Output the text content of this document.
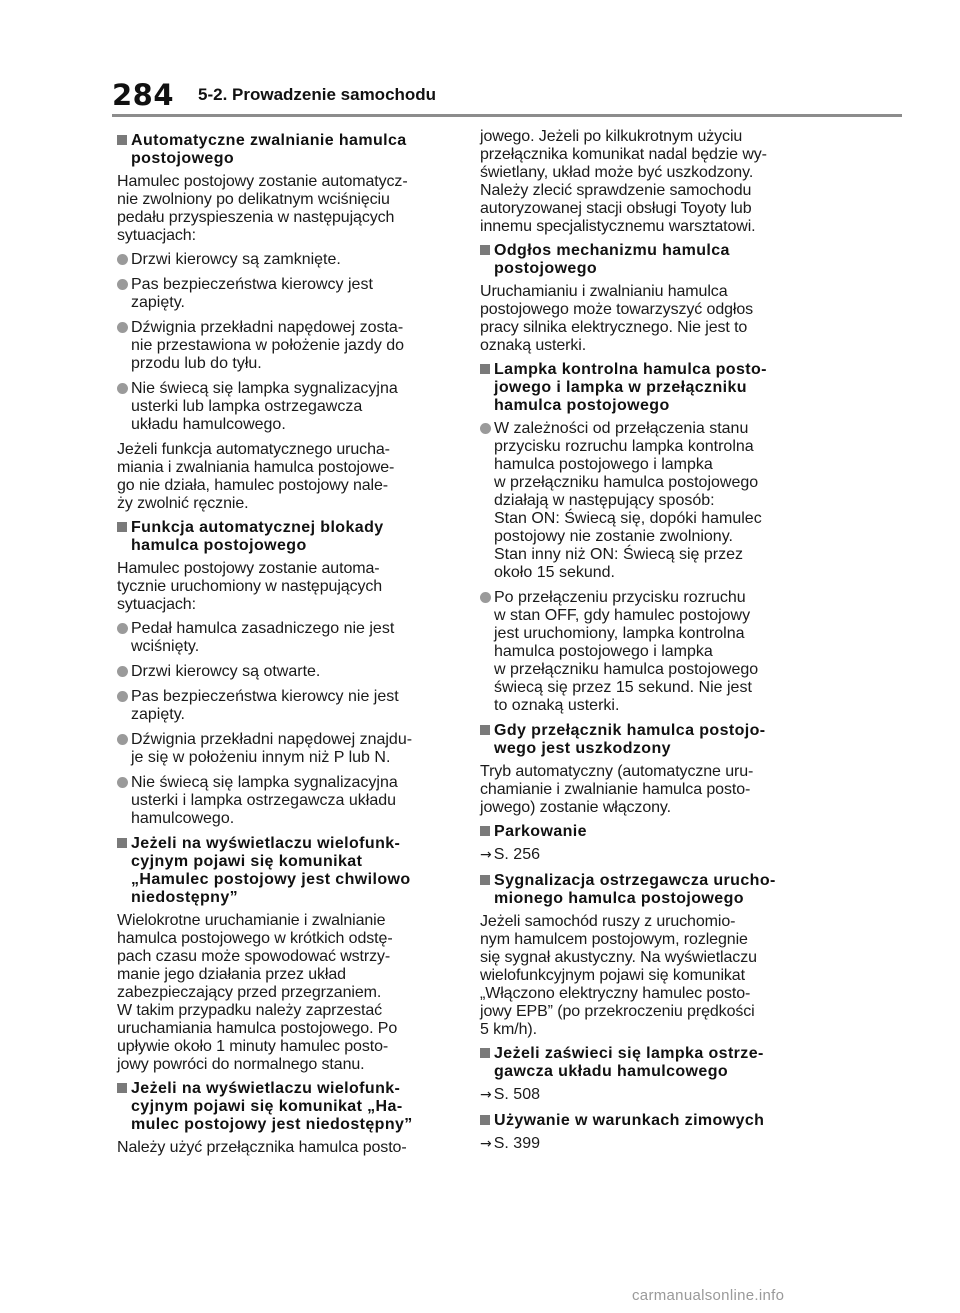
284 5-2. Prowadzenie samochodu
Automatyczne zwalnianie hamulca
postojowego
Hamulec postojowy zostanie automatycz-
nie zwolniony po delikatnym wciśnięciu
pedału przyspieszenia w następujących
sytuacjach:
Drzwi kierowcy są zamknięte.
Pas bezpieczeństwa kierowcy jest
zapięty.
Dźwignia przekładni napędowej zosta-
nie przestawiona w położenie jazdy do
przodu lub do tyłu.
Nie świecą się lampka sygnalizacyjna
usterki lub lampka ostrzegawcza
układu hamulcowego.
Jeżeli funkcja automatycznego urucha-
miania i zwalniania hamulca postojowe-
go nie działa, hamulec postojowy nale-
ży zwolnić ręcznie.
Funkcja automatycznej blokady
hamulca postojowego
Hamulec postojowy zostanie automa-
tycznie uruchomiony w następujących
sytuacjach:
Pedał hamulca zasadniczego nie jest
wciśnięty.
Drzwi kierowcy są otwarte.
Pas bezpieczeństwa kierowcy nie jest
zapięty.
Dźwignia przekładni napędowej znajdu-
je się w położeniu innym niż P lub N.
Nie świecą się lampka sygnalizacyjna
usterki i lampka ostrzegawcza układu
hamulcowego.
Jeżeli na wyświetlaczu wielofunk-
cyjnym pojawi się komunikat
„Hamulec postojowy jest chwilowo
niedostępny”
Wielokrotne uruchamianie i zwalnianie
hamulca postojowego w krótkich odstę-
pach czasu może spowodować wstrzy-
manie jego działania przez układ
zabezpieczający przed przegrzaniem.
W takim przypadku należy zaprzestać
uruchamiania hamulca postojowego. Po
upływie około 1 minuty hamulec posto-
jowy powróci do normalnego stanu.
Jeżeli na wyświetlaczu wielofunk-
cyjnym pojawi się komunikat „Ha-
mulec postojowy jest niedostępny”
Należy użyć przełącznika hamulca posto-
jowego. Jeżeli po kilkukrotnym użyciu
przełącznika komunikat nadal będzie wy-
świetlany, układ może być uszkodzony.
Należy zlecić sprawdzenie samochodu
autoryzowanej stacji obsługi Toyoty lub
innemu specjalistycznemu warsztatowi.
Odgłos mechanizmu hamulca
postojowego
Uruchamianiu i zwalnianiu hamulca
postojowego może towarzyszyć odgłos
pracy silnika elektrycznego. Nie jest to
oznaką usterki.
Lampka kontrolna hamulca posto-
jowego i lampka w przełączniku
hamulca postojowego
W zależności od przełączenia stanu
przycisku rozruchu lampka kontrolna
hamulca postojowego i lampka
w przełączniku hamulca postojowego
działają w następujący sposób:
Stan ON: Świecą się, dopóki hamulec
postojowy nie zostanie zwolniony.
Stan inny niż ON: Świecą się przez
około 15 sekund.
Po przełączeniu przycisku rozruchu
w stan OFF, gdy hamulec postojowy
jest uruchomiony, lampka kontrolna
hamulca postojowego i lampka
w przełączniku hamulca postojowego
świecą się przez 15 sekund. Nie jest
to oznaką usterki.
Gdy przełącznik hamulca postojo-
wego jest uszkodzony
Tryb automatyczny (automatyczne uru-
chamianie i zwalnianie hamulca posto-
jowego) zostanie włączony.
Parkowanie
→ S. 256
Sygnalizacja ostrzegawcza urucho-
mionego hamulca postojowego
Jeżeli samochód ruszy z uruchomio-
nym hamulcem postojowym, rozlegnie
się sygnał akustyczny. Na wyświetlaczu
wielofunkcyjnym pojawi się komunikat
„Włączono elektryczny hamulec posto-
jowy EPB” (po przekroczeniu prędkości
5 km/h).
Jeżeli zaświeci się lampka ostrze-
gawcza układu hamulcowego
→ S. 508
Używanie w warunkach zimowych
→ S. 399
carmanualsonline.info
